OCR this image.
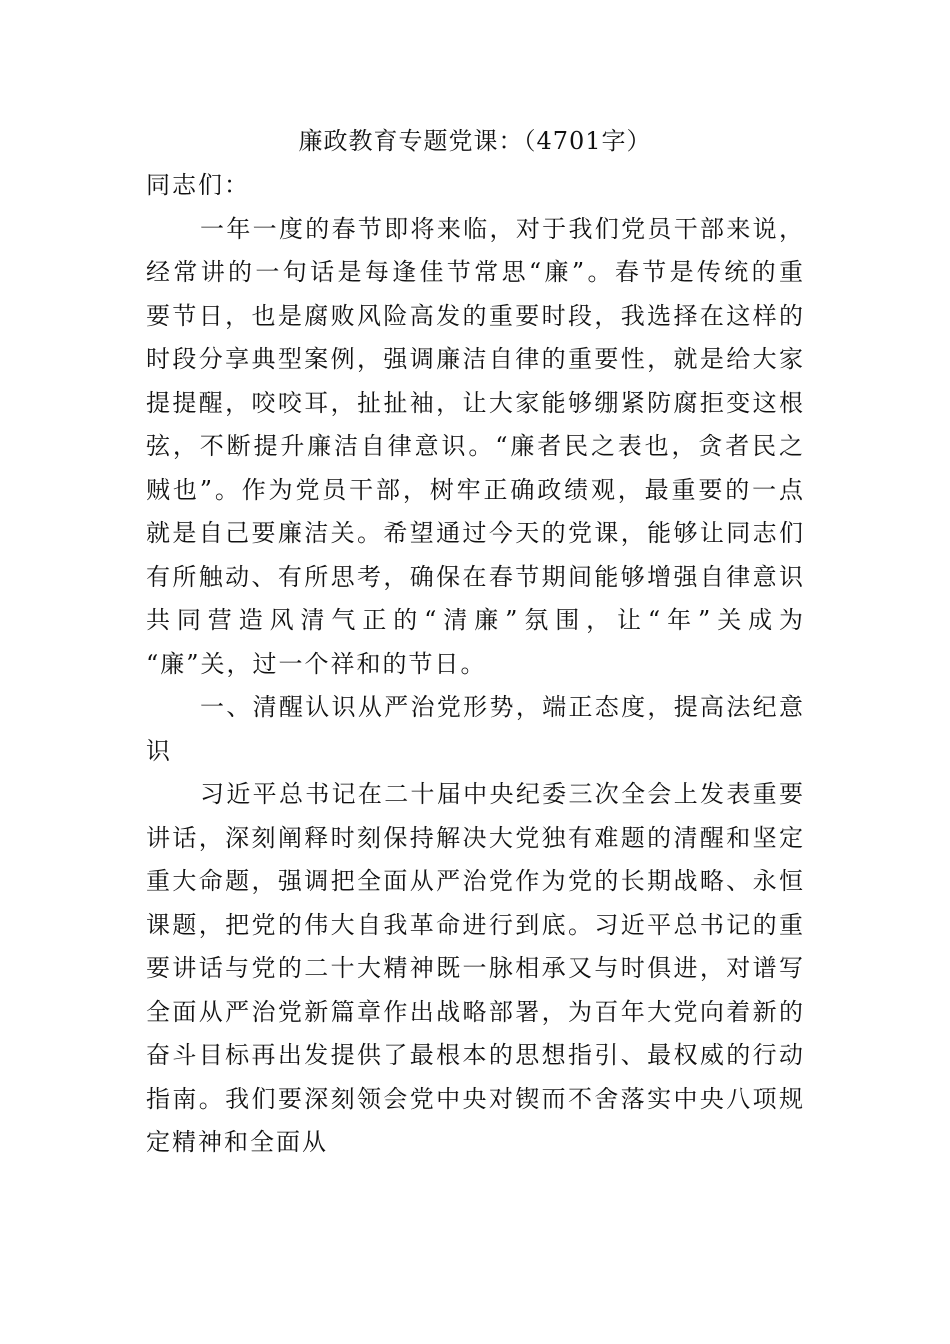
廉政教育专题党课：（4701字）
同志们：
一年一度的春节即将来临，对于我们党员干部来说，
经常讲的一句话是每逢佳节常思“廉”。春节是传统的重
要节日，也是腐败风险高发的重要时段，我选择在这样的
时段分享典型案例，强调廉洁自律的重要性，就是给大家
提提醒，咬咬耳，扯扯袖，让大家能够绷紧防腐拒变这根
弦，不断提升廉洁自律意识。“廉者民之表也，贪者民之
贼也”。作为党员干部，树牢正确政绩观，最重要的一点
就是自己要廉洁关。希望通过今天的党课，能够让同志们
有所触动、有所思考，确保在春节期间能够增强自律意识
共同营造风清气正的“清廉”氛围，让“年”关成为
“廉”关，过一个祥和的节日。
一、清醒认识从严治党形势，端正态度，提高法纪意
识
习近平总书记在二十届中央纪委三次全会上发表重要
讲话，深刻阐释时刻保持解决大党独有难题的清醒和坚定
重大命题，强调把全面从严治党作为党的长期战略、永恒
课题，把党的伟大自我革命进行到底。习近平总书记的重
要讲话与党的二十大精神既一脉相承又与时俱进，对谱写
全面从严治党新篇章作出战略部署，为百年大党向着新的
奋斗目标再出发提供了最根本的思想指引、最权威的行动
指南。我们要深刻领会党中央对锲而不舍落实中央八项规
定精神和全面从
